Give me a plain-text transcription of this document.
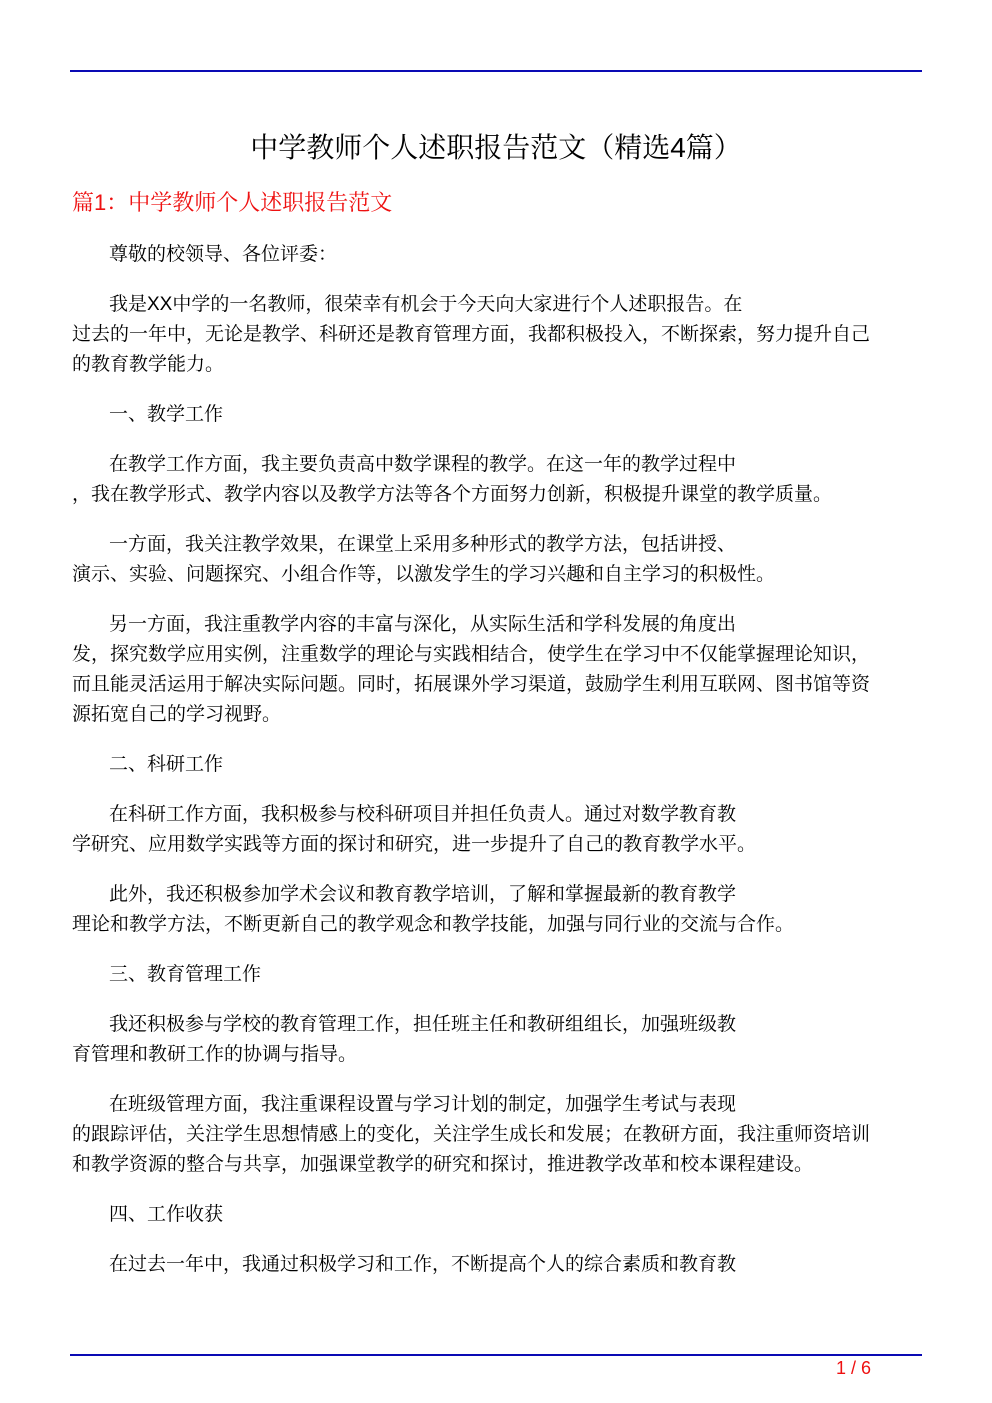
中学教师个人述职报告范文（精选4篇）
篇1：中学教师个人述职报告范文
尊敬的校领导、各位评委：
我是XX中学的一名教师，很荣幸有机会于今天向大家进行个人述职报告。在
过去的一年中，无论是教学、科研还是教育管理方面，我都积极投入，不断探索，努力提升自己
的教育教学能力。
一、教学工作
在教学工作方面，我主要负责高中数学课程的教学。在这一年的教学过程中
，我在教学形式、教学内容以及教学方法等各个方面努力创新，积极提升课堂的教学质量。
一方面，我关注教学效果，在课堂上采用多种形式的教学方法，包括讲授、
演示、实验、问题探究、小组合作等，以激发学生的学习兴趣和自主学习的积极性。
另一方面，我注重教学内容的丰富与深化，从实际生活和学科发展的角度出
发，探究数学应用实例，注重数学的理论与实践相结合，使学生在学习中不仅能掌握理论知识，
而且能灵活运用于解决实际问题。同时，拓展课外学习渠道，鼓励学生利用互联网、图书馆等资
源拓宽自己的学习视野。
二、科研工作
在科研工作方面，我积极参与校科研项目并担任负责人。通过对数学教育教
学研究、应用数学实践等方面的探讨和研究，进一步提升了自己的教育教学水平。
此外，我还积极参加学术会议和教育教学培训，了解和掌握最新的教育教学
理论和教学方法，不断更新自己的教学观念和教学技能，加强与同行业的交流与合作。
三、教育管理工作
我还积极参与学校的教育管理工作，担任班主任和教研组组长，加强班级教
育管理和教研工作的协调与指导。
在班级管理方面，我注重课程设置与学习计划的制定，加强学生考试与表现
的跟踪评估，关注学生思想情感上的变化，关注学生成长和发展；在教研方面，我注重师资培训
和教学资源的整合与共享，加强课堂教学的研究和探讨，推进教学改革和校本课程建设。
四、工作收获
在过去一年中，我通过积极学习和工作，不断提高个人的综合素质和教育教
1 / 6
